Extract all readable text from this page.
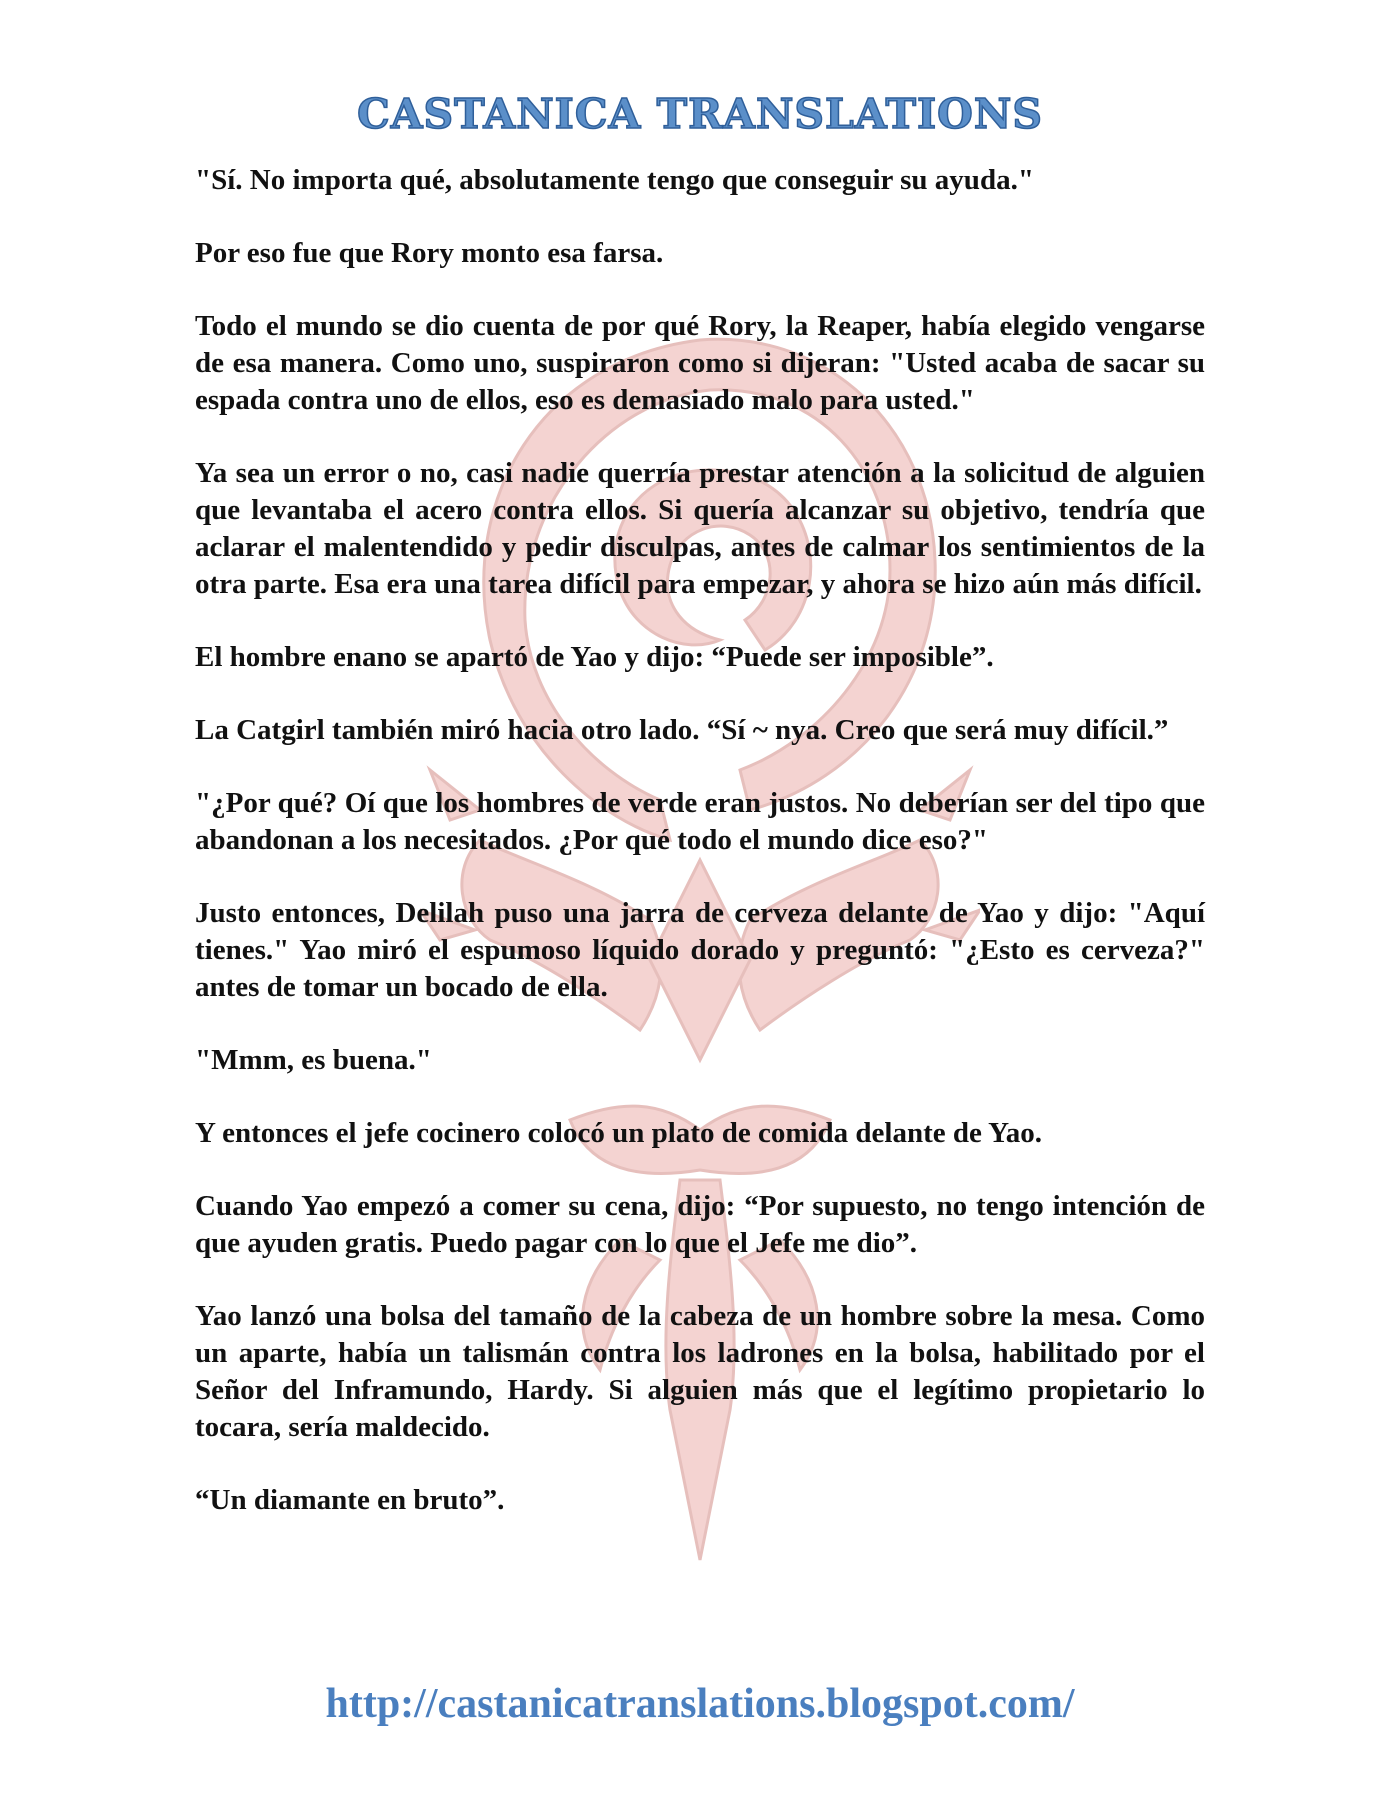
CASTANICA TRANSLATIONS

"Sí. No importa qué, absolutamente tengo que conseguir su ayuda."

Por eso fue que Rory monto esa farsa.

Todo el mundo se dio cuenta de por qué Rory, la Reaper, había elegido vengarse de esa manera. Como uno, suspiraron como si dijeran: "Usted acaba de sacar su espada contra uno de ellos, eso es demasiado malo para usted."

Ya sea un error o no, casi nadie querría prestar atención a la solicitud de alguien que levantaba el acero contra ellos. Si quería alcanzar su objetivo, tendría que aclarar el malentendido y pedir disculpas, antes de calmar los sentimientos de la otra parte. Esa era una tarea difícil para empezar, y ahora se hizo aún más difícil.

El hombre enano se apartó de Yao y dijo: “Puede ser imposible”.

La Catgirl también miró hacia otro lado. “Sí ~ nya. Creo que será muy difícil.”

"¿Por qué? Oí que los hombres de verde eran justos. No deberían ser del tipo que abandonan a los necesitados. ¿Por qué todo el mundo dice eso?"

Justo entonces, Delilah puso una jarra de cerveza delante de Yao y dijo: "Aquí tienes." Yao miró el espumoso líquido dorado y preguntó: "¿Esto es cerveza?" antes de tomar un bocado de ella.

"Mmm, es buena."

Y entonces el jefe cocinero colocó un plato de comida delante de Yao.

Cuando Yao empezó a comer su cena, dijo: “Por supuesto, no tengo intención de que ayuden gratis. Puedo pagar con lo que el Jefe me dio”.

Yao lanzó una bolsa del tamaño de la cabeza de un hombre sobre la mesa. Como un aparte, había un talismán contra los ladrones en la bolsa, habilitado por el Señor del Inframundo, Hardy. Si alguien más que el legítimo propietario lo tocara, sería maldecido.

“Un diamante en bruto”.

http://castanicatranslations.blogspot.com/
